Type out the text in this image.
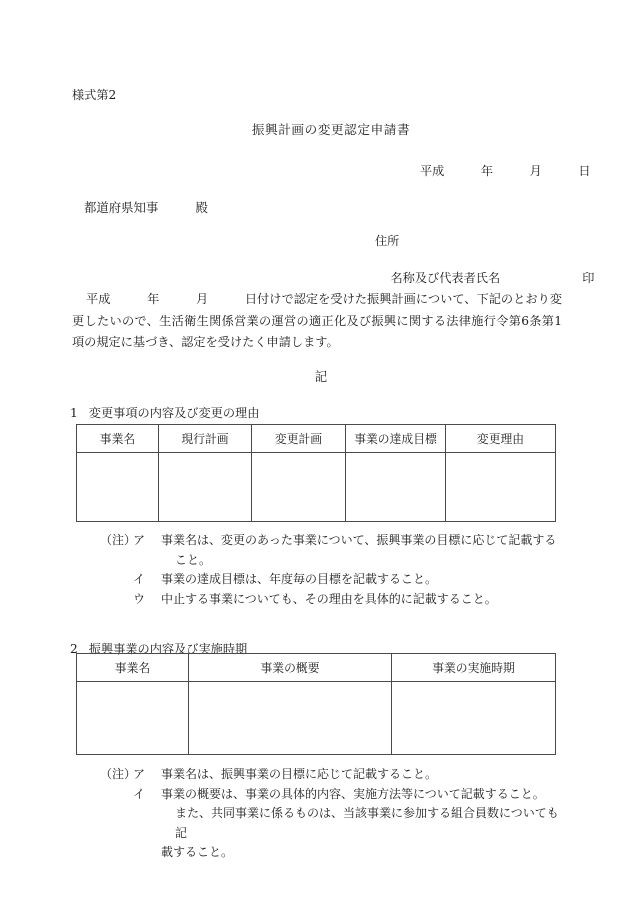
様式第2
振興計画の変更認定申請書
平成　　　年　　　月　　　日
都道府県知事　　　殿
住所

名称及び代表者氏名	印

平成　　　年　　　月　　　日付けで認定を受けた振興計画について、下記のとおり変更したいので、生活衛生関係営業の運営の適正化及び振興に関する法律施行令第6条第1項の規定に基づき、認定を受けたく申請します。
記
1 変更事項の内容及び変更の理由
事業名	現行計画	変更計画	事業の達成目標	変更理由

（注）
ア	事業名は、変更のあった事業について、振興事業の目標に応じて記載する
こと。
イ	事業の達成目標は、年度毎の目標を記載すること。
ウ	中止する事業についても、その理由を具体的に記載すること。
2 振興事業の内容及び実施時期
事業名	事業の概要	事業の実施時期

（注）
ア	事業名は、振興事業の目標に応じて記載すること。
イ	事業の概要は、事業の具体的内容、実施方法等について記載すること。
また、共同事業に係るものは、当該事業に参加する組合員数についても記
載すること。
